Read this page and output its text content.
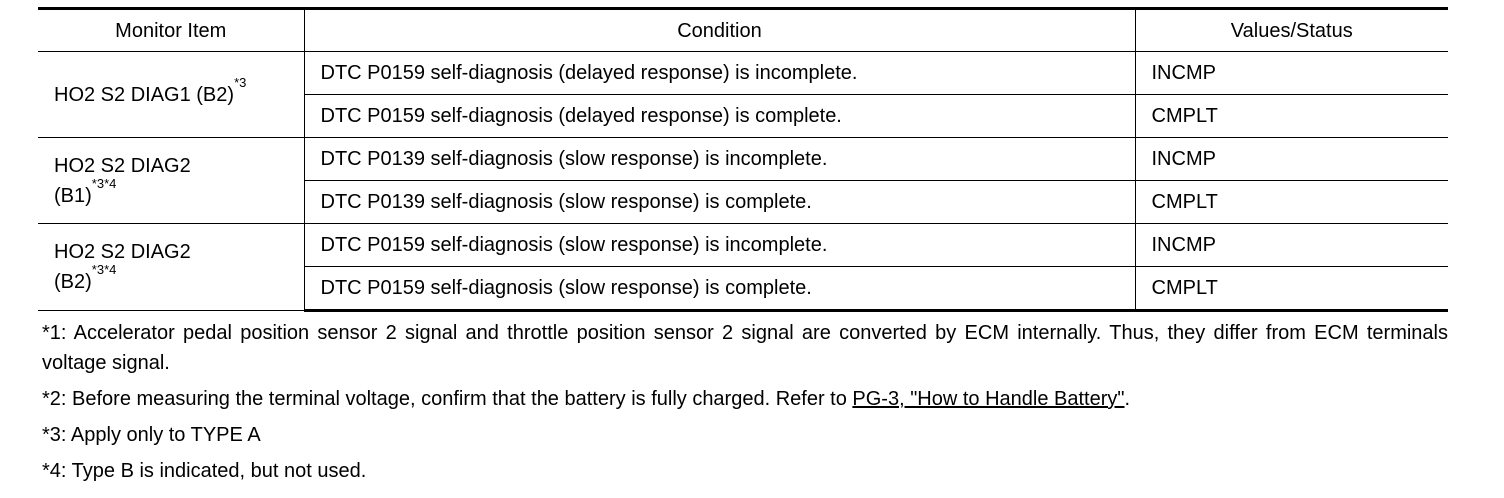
Monitor Item	Condition	Values/Status
HO2 S2 DIAG1 (B2)$^{*3}$	DTC P0159 self-diagnosis (delayed response) is incomplete.	INCMP
	DTC P0159 self-diagnosis (delayed response) is complete.	CMPLT
HO2 S2 DIAG2
(B1)$^{*3*4}$	DTC P0139 self-diagnosis (slow response) is incomplete.	INCMP
	DTC P0139 self-diagnosis (slow response) is complete.	CMPLT
HO2 S2 DIAG2
(B2)$^{*3*4}$	DTC P0159 self-diagnosis (slow response) is incomplete.	INCMP
	DTC P0159 self-diagnosis (slow response) is complete.	CMPLT

*1: Accelerator pedal position sensor 2 signal and throttle position sensor 2 signal are converted by ECM internally. Thus, they differ from ECM terminals voltage signal.

*2: Before measuring the terminal voltage, confirm that the battery is fully charged. Refer to PG-3, "How to Handle Battery".

*3: Apply only to TYPE A

*4: Type B is indicated, but not used.
